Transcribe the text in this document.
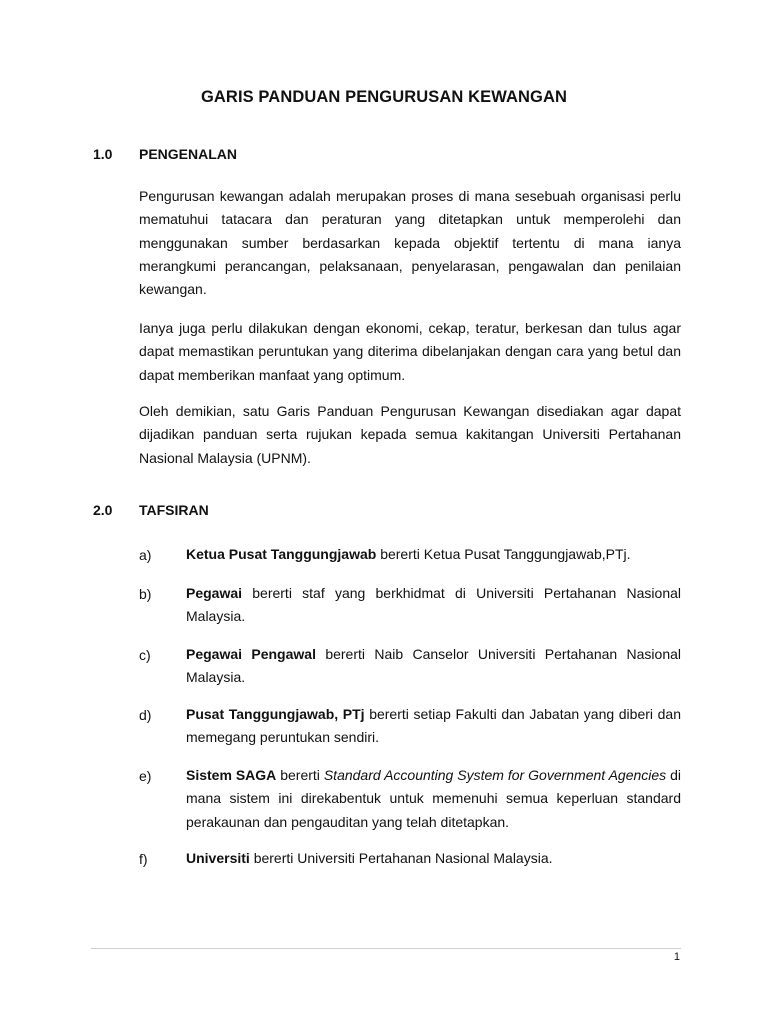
GARIS PANDUAN PENGURUSAN KEWANGAN
1.0 PENGENALAN

Pengurusan kewangan adalah merupakan proses di mana sesebuah organisasi perlu mematuhui tatacara dan peraturan yang ditetapkan untuk memperolehi dan menggunakan sumber berdasarkan kepada objektif tertentu di mana ianya merangkumi perancangan, pelaksanaan, penyelarasan, pengawalan dan penilaian kewangan.

Ianya juga perlu dilakukan dengan ekonomi, cekap, teratur, berkesan dan tulus agar dapat memastikan peruntukan yang diterima dibelanjakan dengan cara yang betul dan dapat memberikan manfaat yang optimum.

Oleh demikian, satu Garis Panduan Pengurusan Kewangan disediakan agar dapat dijadikan panduan serta rujukan kepada semua kakitangan Universiti Pertahanan Nasional Malaysia (UPNM).

2.0 TAFSIRAN
a) Ketua Pusat Tanggungjawab bererti Ketua Pusat Tanggungjawab,PTj.

b) Pegawai bererti staf yang berkhidmat di Universiti Pertahanan Nasional Malaysia.

c)	Pegawai Pengawal bererti Naib Canselor Universiti Pertahanan Nasional Malaysia.

d) Pusat Tanggungjawab, PTj bererti setiap Fakulti dan Jabatan yang diberi dan memegang peruntukan sendiri.

e) Sistem SAGA bererti Standard Accounting System for Government Agencies di mana sistem ini direkabentuk untuk memenuhi semua keperluan standard perakaunan dan pengauditan yang telah ditetapkan.

f)	Universiti bererti Universiti Pertahanan Nasional Malaysia.

1
